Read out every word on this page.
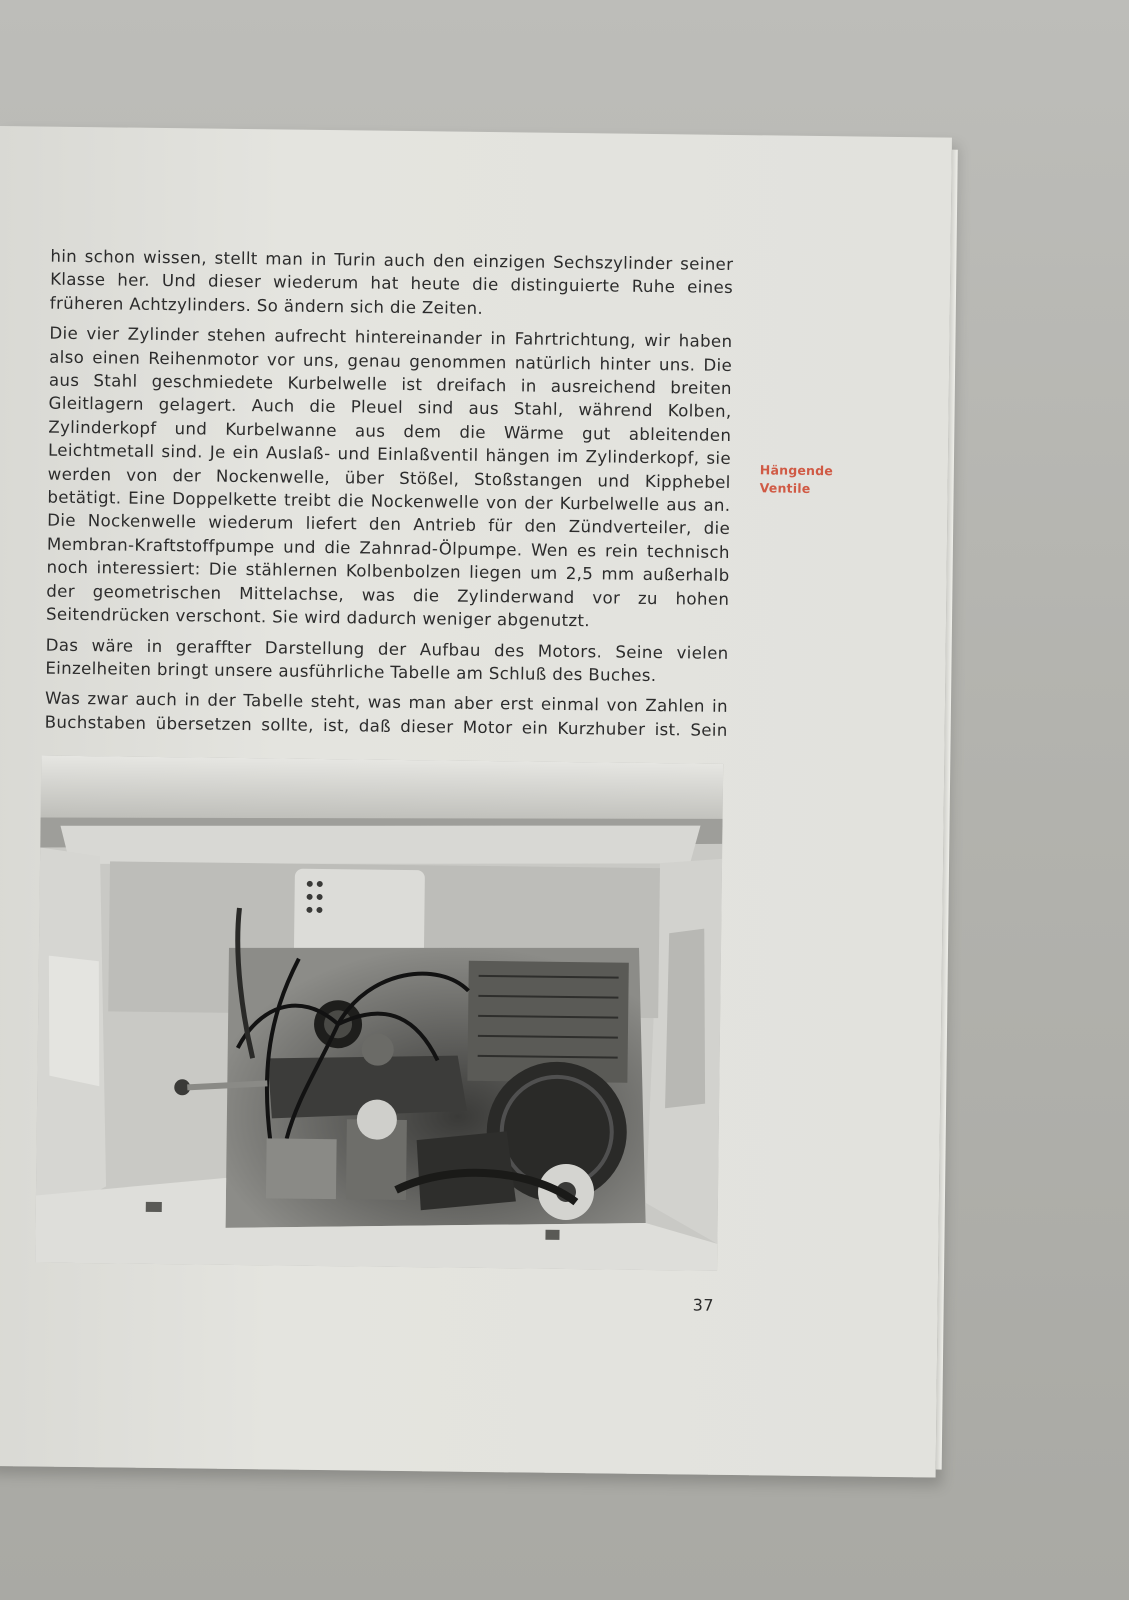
hin schon wissen, stellt man in Turin auch den einzigen Sechszylinder seiner Klasse her. Und dieser wiederum hat heute die distinguierte Ruhe eines früheren Achtzylinders. So ändern sich die Zeiten.

Die vier Zylinder stehen aufrecht hintereinander in Fahrtrichtung, wir haben also einen Reihenmotor vor uns, genau genommen natürlich hinter uns. Die aus Stahl geschmiedete Kurbelwelle ist dreifach in ausreichend breiten Gleitlagern gelagert. Auch die Pleuel sind aus Stahl, während Kolben, Zylinderkopf und Kurbelwanne aus dem die Wärme gut ableitenden Leichtmetall sind. Je ein Auslaß- und Einlaßventil hängen im Zylinderkopf, sie werden von der Nockenwelle, über Stößel, Stoßstangen und Kipphebel betätigt. Eine Doppelkette treibt die Nockenwelle von der Kurbelwelle aus an. Die Nockenwelle wiederum liefert den Antrieb für den Zündverteiler, die Membran-Kraftstoffpumpe und die Zahnrad-Ölpumpe. Wen es rein technisch noch interessiert: Die stählernen Kolbenbolzen liegen um 2,5 mm außerhalb der geometrischen Mittelachse, was die Zylinderwand vor zu hohen Seitendrücken verschont. Sie wird dadurch weniger abgenutzt.

Das wäre in geraffter Darstellung der Aufbau des Motors. Seine vielen Einzelheiten bringt unsere ausführliche Tabelle am Schluß des Buches.

Was zwar auch in der Tabelle steht, was man aber erst einmal von Zahlen in Buchstaben übersetzen sollte, ist, daß dieser Motor ein Kurzhuber ist. Sein

Hängende
Ventile
37
